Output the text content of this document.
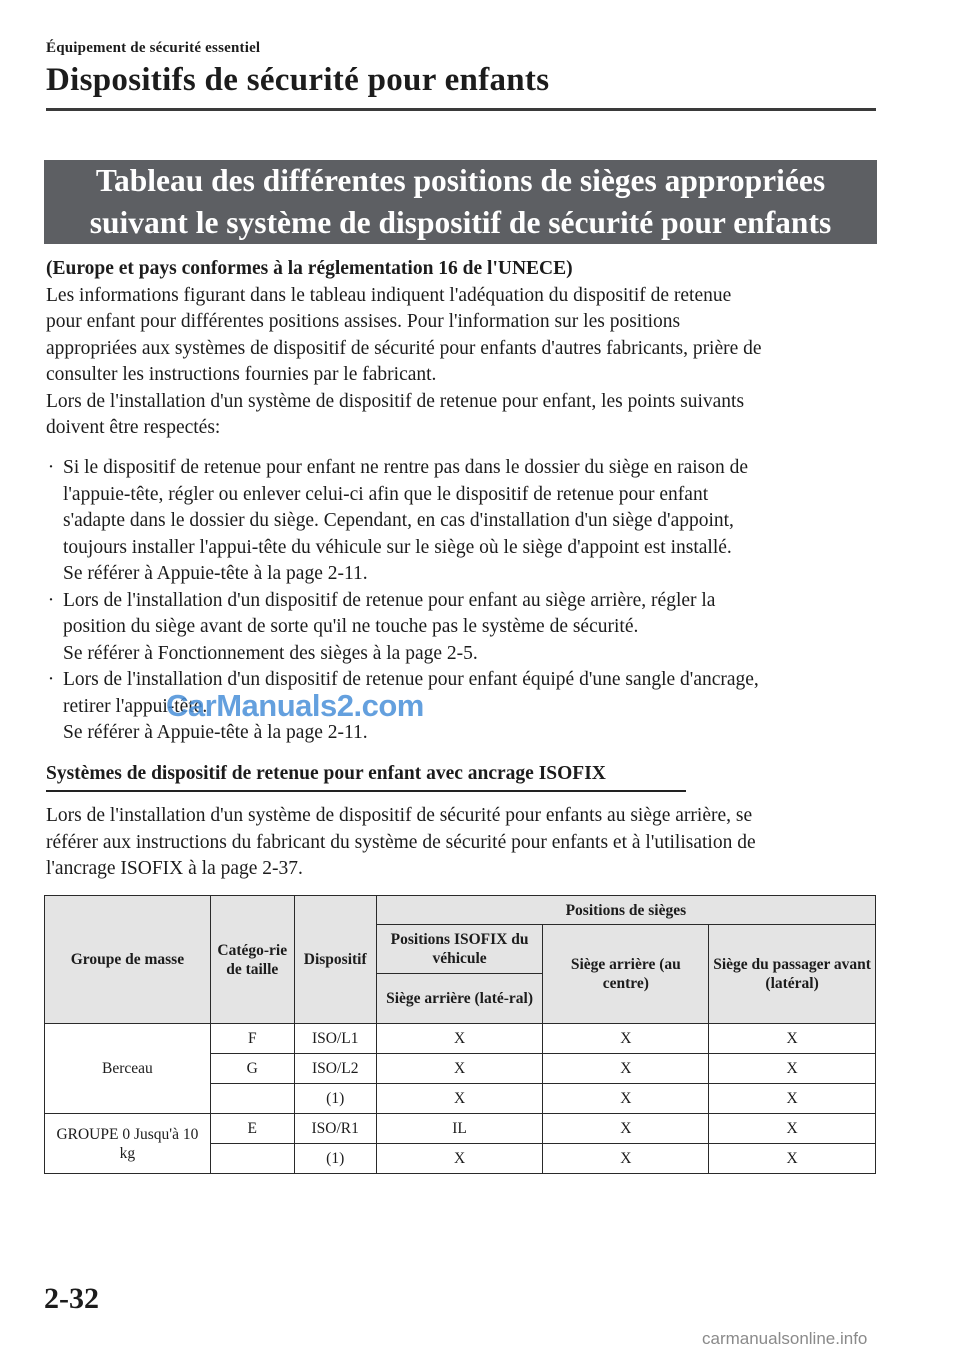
Équipement de sécurité essentiel
Dispositifs de sécurité pour enfants
Tableau des différentes positions de sièges appropriées
suivant le système de dispositif de sécurité pour enfants
(Europe et pays conformes à la réglementation 16 de l'UNECE)
Les informations figurant dans le tableau indiquent l'adéquation du dispositif de retenue
pour enfant pour différentes positions assises. Pour l'information sur les positions
appropriées aux systèmes de dispositif de sécurité pour enfants d'autres fabricants, prière de
consulter les instructions fournies par le fabricant.
Lors de l'installation d'un système de dispositif de retenue pour enfant, les points suivants
doivent être respectés:
· Si le dispositif de retenue pour enfant ne rentre pas dans le dossier du siège en raison de
l'appuie-tête, régler ou enlever celui-ci afin que le dispositif de retenue pour enfant
s'adapte dans le dossier du siège. Cependant, en cas d'installation d'un siège d'appoint,
toujours installer l'appui-tête du véhicule sur le siège où le siège d'appoint est installé.
Se référer à Appuie-tête à la page 2-11.
· Lors de l'installation d'un dispositif de retenue pour enfant au siège arrière, régler la
position du siège avant de sorte qu'il ne touche pas le système de sécurité.
Se référer à Fonctionnement des sièges à la page 2-5.
· Lors de l'installation d'un dispositif de retenue pour enfant équipé d'une sangle d'ancrage,
retirer l'appui-tête.
Se référer à Appuie-tête à la page 2-11.
CarManuals2.com
Systèmes de dispositif de retenue pour enfant avec ancrage ISOFIX
Lors de l'installation d'un système de dispositif de sécurité pour enfants au siège arrière, se
référer aux instructions du fabricant du système de sécurité pour enfants et à l'utilisation de
l'ancrage ISOFIX à la page 2-37.
Groupe de masse	Catégo-rie de taille	Dispositif	Positions de sièges		
			Positions ISOFIX du véhicule	Siège arrière (au centre)	Siège du passager avant (latéral)
			Siège arrière (laté-ral)		
Berceau	F	ISO/L1	X	X	X
	G	ISO/L2	X	X	X
		(1)	X	X	X
GROUPE 0 Jusqu'à 10 kg	E	ISO/R1	IL	X	X
		(1)	X	X	X
2-32
carmanualsonline.info
